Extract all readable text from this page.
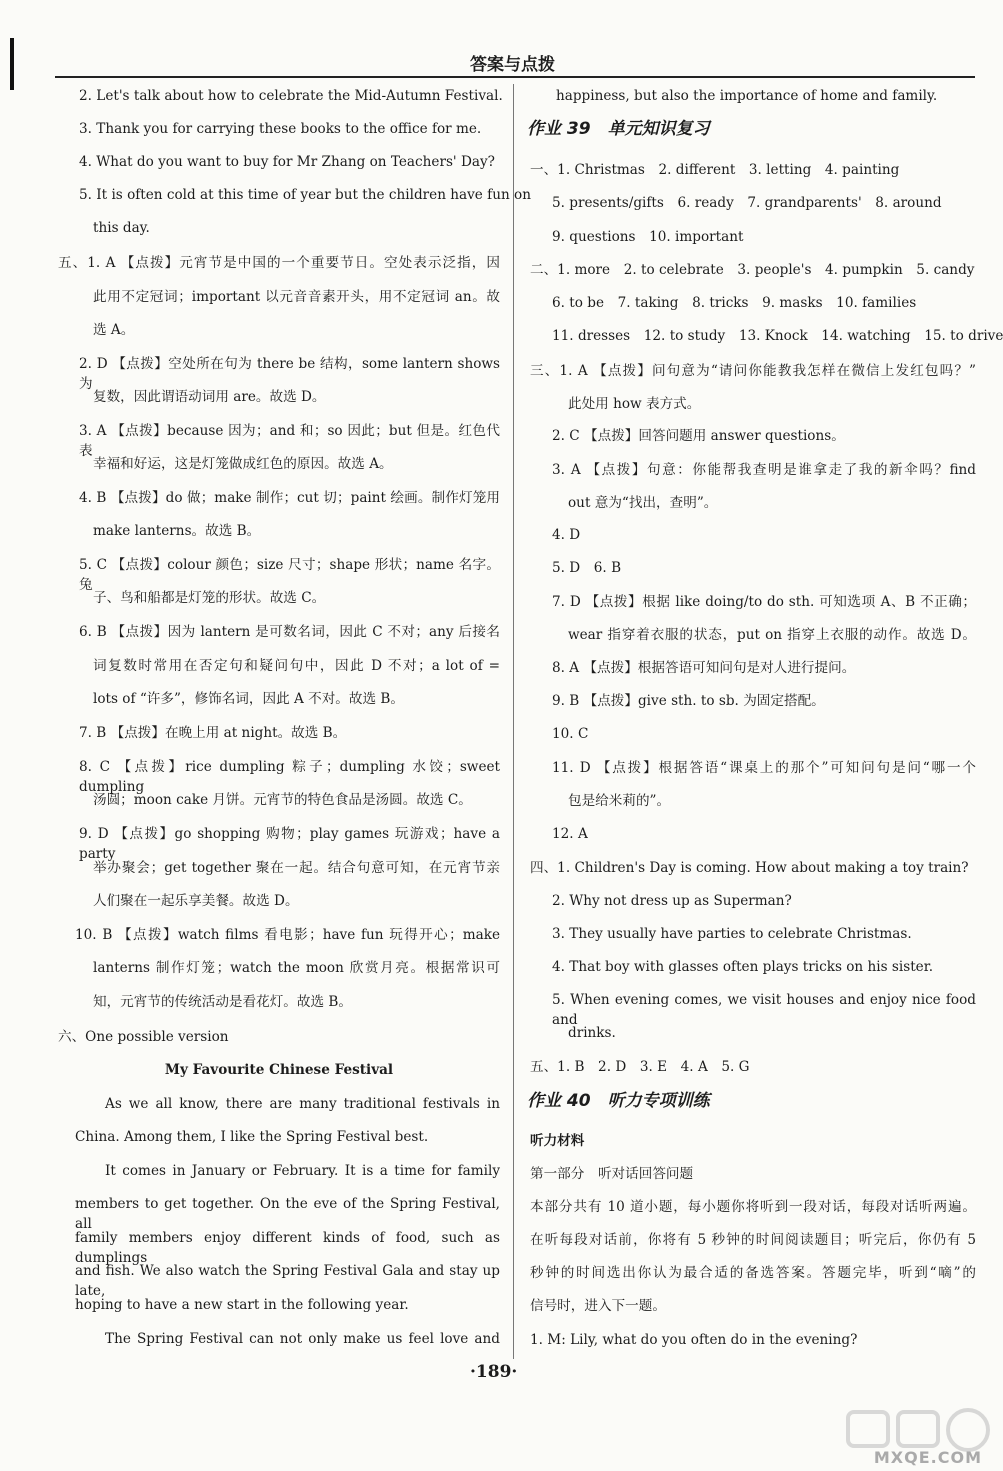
答案与点拨
2. Let's talk about how to celebrate the Mid-Autumn Festival.
3. Thank you for carrying these books to the office for me.
4. What do you want to buy for Mr Zhang on Teachers' Day?
5. It is often cold at this time of year but the children have fun on
this day.
五、1. A 【点拨】元宵节是中国的一个重要节日。空处表示泛指，因
此用不定冠词；important 以元音音素开头，用不定冠词 an。故
选 A。
2. D 【点拨】空处所在句为 there be 结构，some lantern shows 为
复数，因此谓语动词用 are。故选 D。
3. A 【点拨】because 因为；and 和；so 因此；but 但是。红色代表
幸福和好运，这是灯笼做成红色的原因。故选 A。
4. B 【点拨】do 做；make 制作；cut 切；paint 绘画。制作灯笼用
make lanterns。故选 B。
5. C 【点拨】colour 颜色；size 尺寸；shape 形状；name 名字。兔
子、鸟和船都是灯笼的形状。故选 C。
6. B 【点拨】因为 lantern 是可数名词，因此 C 不对；any 后接名
词复数时常用在否定句和疑问句中，因此 D 不对；a lot of =
lots of “许多”，修饰名词，因此 A 不对。故选 B。
7. B 【点拨】在晚上用 at night。故选 B。
8. C 【点拨】rice dumpling 粽子；dumpling 水饺；sweet dumpling
汤圆；moon cake 月饼。元宵节的特色食品是汤圆。故选 C。
9. D 【点拨】go shopping 购物；play games 玩游戏；have a party
举办聚会；get together 聚在一起。结合句意可知，在元宵节亲
人们聚在一起乐享美餐。故选 D。
10. B 【点拨】watch films 看电影；have fun 玩得开心；make
lanterns 制作灯笼；watch the moon 欣赏月亮。根据常识可
知，元宵节的传统活动是看花灯。故选 B。
六、One possible version
My Favourite Chinese Festival
As we all know, there are many traditional festivals in
China. Among them, I like the Spring Festival best.
It comes in January or February. It is a time for family
members to get together. On the eve of the Spring Festival, all
family members enjoy different kinds of food, such as dumplings
and fish. We also watch the Spring Festival Gala and stay up late,
hoping to have a new start in the following year.
The Spring Festival can not only make us feel love and
happiness, but also the importance of home and family.
作业 39　单元知识复习
一、1. Christmas　2. different　3. letting　4. painting
5. presents/gifts　6. ready　7. grandparents'　8. around
9. questions　10. important
二、1. more　2. to celebrate　3. people's　4. pumpkin　5. candy
6. to be　7. taking　8. tricks　9. masks　10. families
11. dresses　12. to study　13. Knock　14. watching　15. to drive
三、1. A 【点拨】问句意为“请问你能教我怎样在微信上发红包吗？”
此处用 how 表方式。
2. C 【点拨】回答问题用 answer questions。
3. A 【点拨】句意：你能帮我查明是谁拿走了我的新伞吗？find
out 意为“找出，查明”。
4. D
5. D　6. B
7. D 【点拨】根据 like doing/to do sth. 可知选项 A、B 不正确；
wear 指穿着衣服的状态，put on 指穿上衣服的动作。故选 D。
8. A 【点拨】根据答语可知问句是对人进行提问。
9. B 【点拨】give sth. to sb. 为固定搭配。
10. C
11. D 【点拨】根据答语“课桌上的那个”可知问句是问“哪一个
包是给米莉的”。
12. A
四、1. Children's Day is coming. How about making a toy train?
2. Why not dress up as Superman?
3. They usually have parties to celebrate Christmas.
4. That boy with glasses often plays tricks on his sister.
5. When evening comes, we visit houses and enjoy nice food and
drinks.
五、1. B　2. D　3. E　4. A　5. G
作业 40　听力专项训练
听力材料
第一部分　听对话回答问题
本部分共有 10 道小题，每小题你将听到一段对话，每段对话听两遍。
在听每段对话前，你将有 5 秒钟的时间阅读题目；听完后，你仍有 5
秒钟的时间选出你认为最合适的备选答案。答题完毕，听到“嘀”的
信号时，进入下一题。
1. M: Lily, what do you often do in the evening?
·189·
MXQE.COM
